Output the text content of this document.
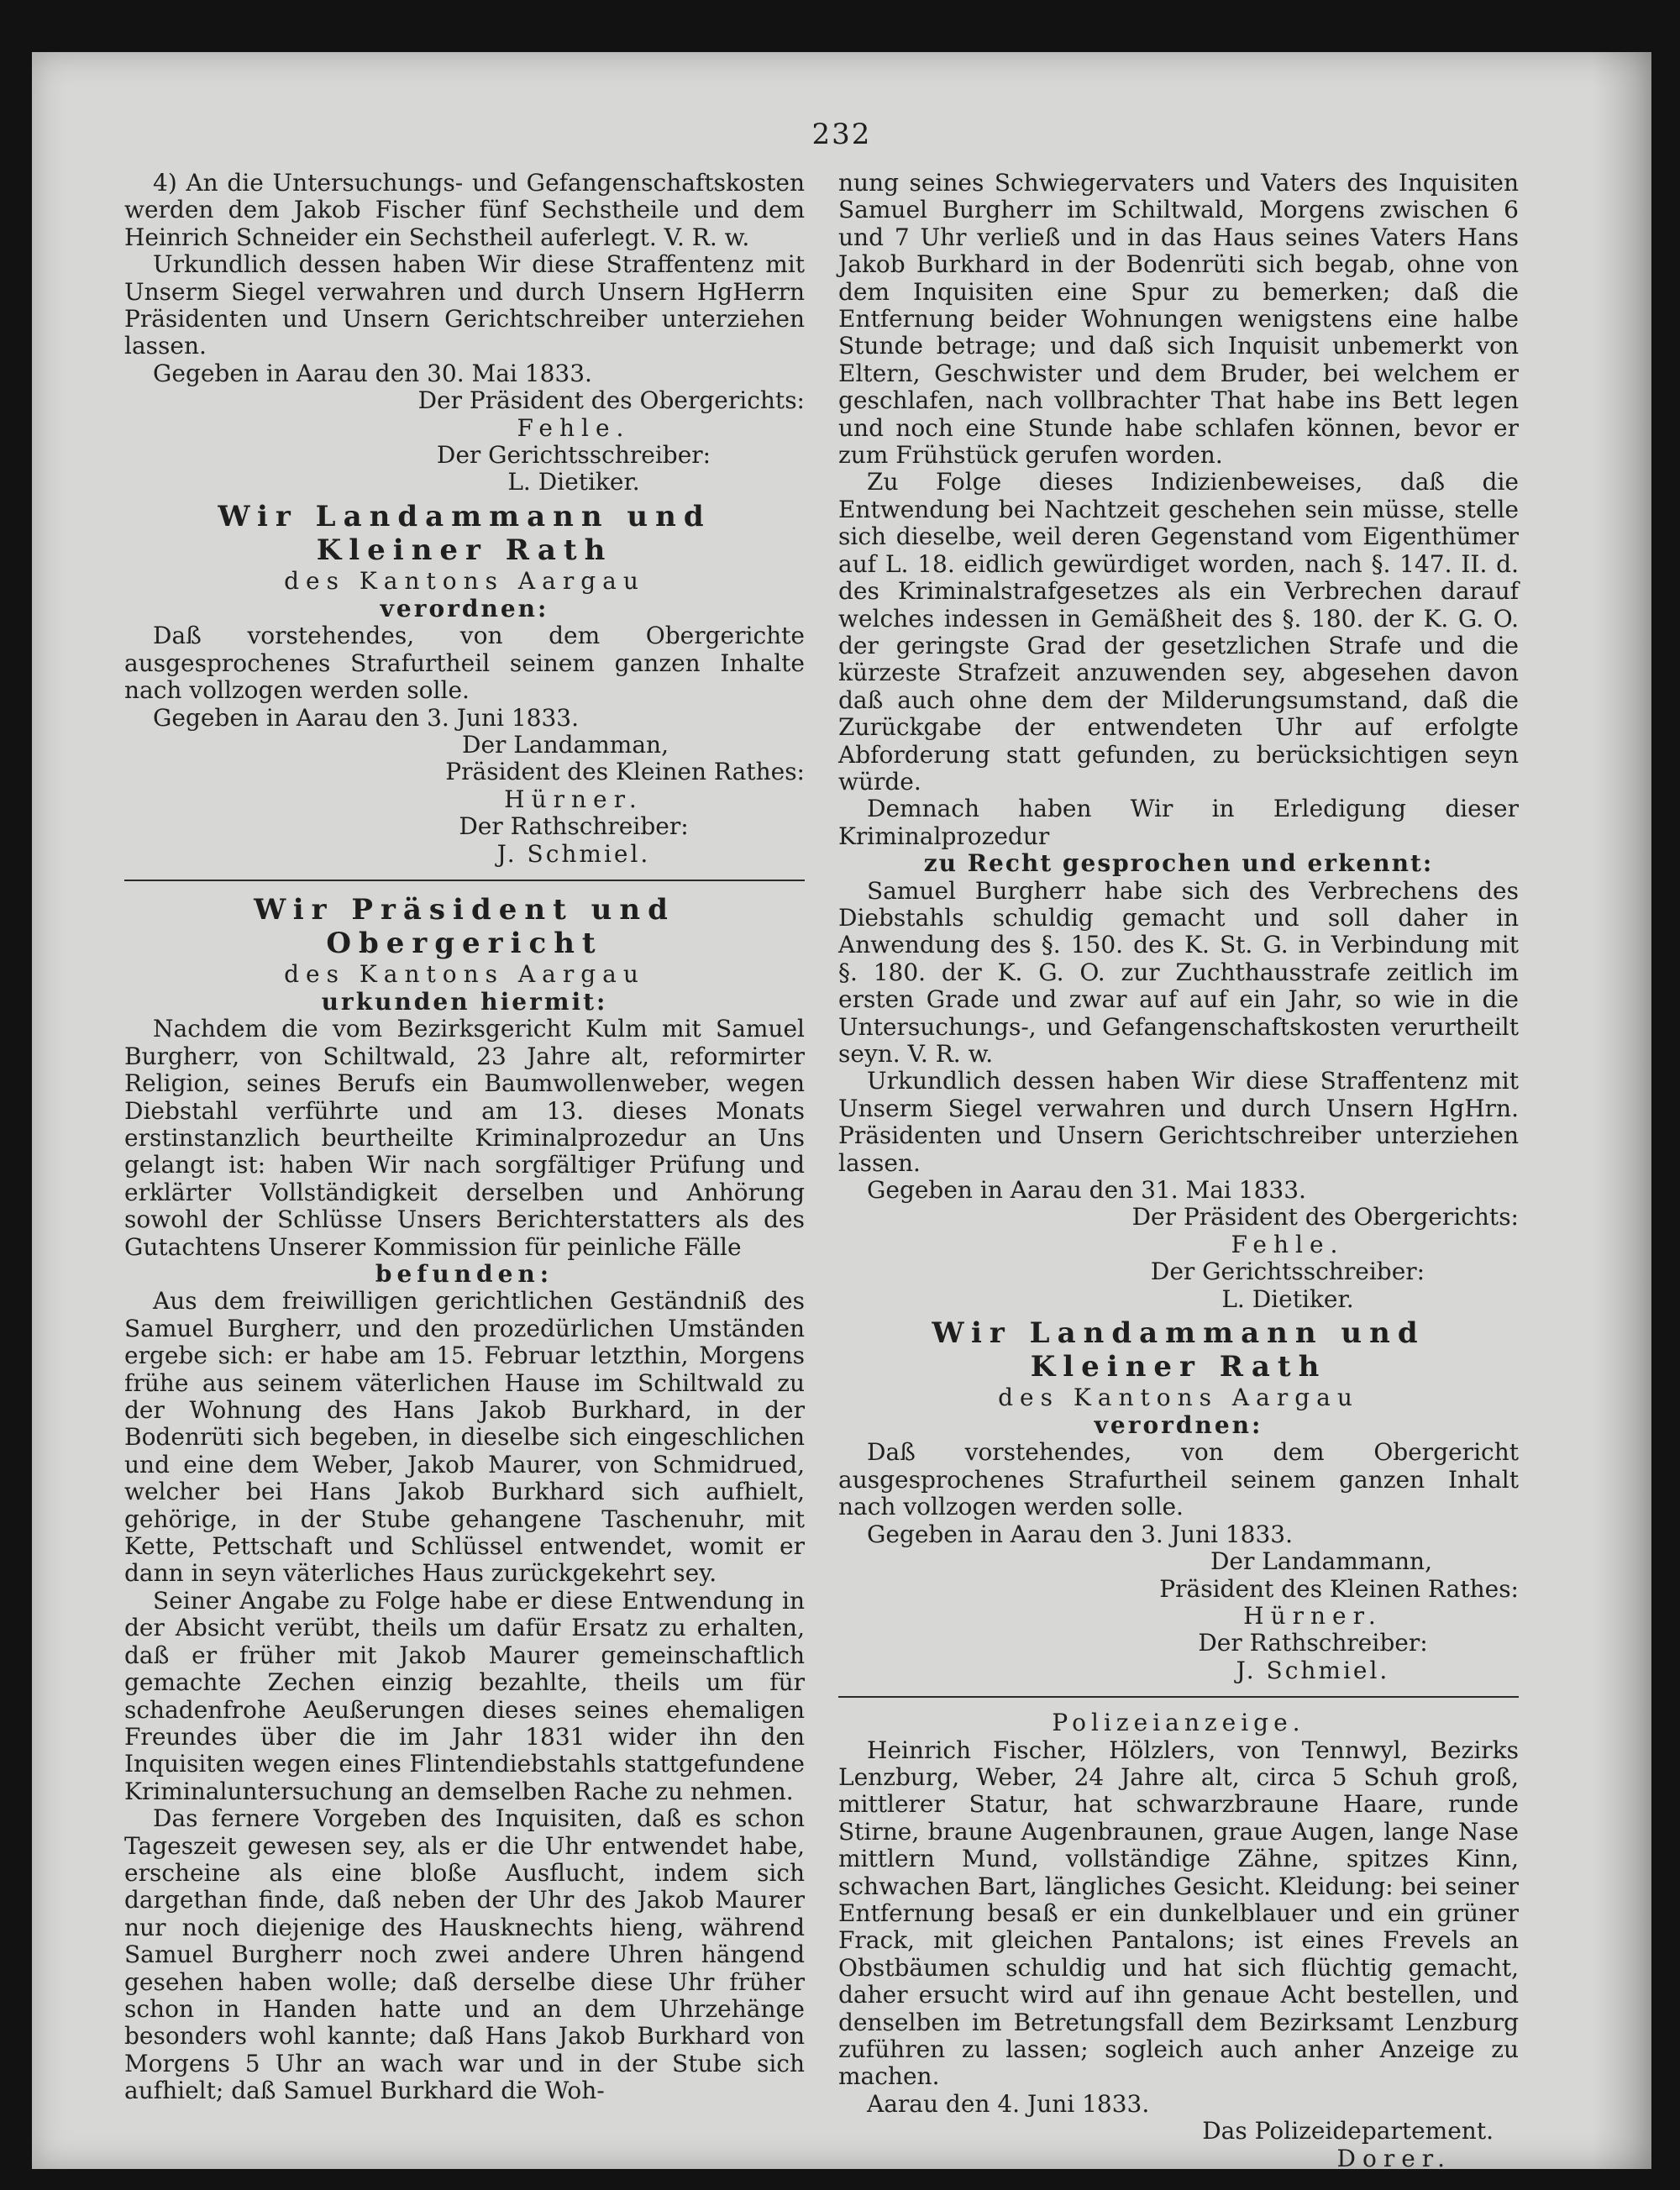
232

4) An die Untersuchungs- und Gefangenschaftskosten werden dem Jakob Fischer fünf Sechstheile und dem Heinrich Schneider ein Sechstheil auferlegt. V. R. w.

Urkundlich dessen haben Wir diese Straffentenz mit Unserm Siegel verwahren und durch Unsern HgHerrn Präsidenten und Unsern Gerichtschreiber unterziehen lassen.

Gegeben in Aarau den 30. Mai 1833.

Der Präsident des Obergerichts:

Fehle.

Der Gerichtsschreiber:

L. Dietiker.

Wir Landammann und Kleiner Rath

des Kantons Aargau

verordnen:

Daß vorstehendes, von dem Obergerichte ausgesprochenes Strafurtheil seinem ganzen Inhalte nach vollzogen werden solle.

Gegeben in Aarau den 3. Juni 1833.

Der Landamman,

Präsident des Kleinen Rathes:

Hürner.

Der Rathschreiber:

J. Schmiel.

Wir Präsident und Obergericht

des Kantons Aargau

urkunden hiermit:

Nachdem die vom Bezirksgericht Kulm mit Samuel Burgherr, von Schiltwald, 23 Jahre alt, reformirter Religion, seines Berufs ein Baumwollenweber, wegen Diebstahl verführte und am 13. dieses Monats erstinstanzlich beurtheilte Kriminalprozedur an Uns gelangt ist: haben Wir nach sorgfältiger Prüfung und erklärter Vollständigkeit derselben und Anhörung sowohl der Schlüsse Unsers Berichterstatters als des Gutachtens Unserer Kommission für peinliche Fälle

befunden:

Aus dem freiwilligen gerichtlichen Geständniß des Samuel Burgherr, und den prozedürlichen Umständen ergebe sich: er habe am 15. Februar letzthin, Morgens frühe aus seinem väterlichen Hause im Schiltwald zu der Wohnung des Hans Jakob Burkhard, in der Bodenrüti sich begeben, in dieselbe sich eingeschlichen und eine dem Weber, Jakob Maurer, von Schmidrued, welcher bei Hans Jakob Burkhard sich aufhielt, gehörige, in der Stube gehangene Taschenuhr, mit Kette, Pettschaft und Schlüssel entwendet, womit er dann in seyn väterliches Haus zurückgekehrt sey.

Seiner Angabe zu Folge habe er diese Entwendung in der Absicht verübt, theils um dafür Ersatz zu erhalten, daß er früher mit Jakob Maurer gemeinschaftlich gemachte Zechen einzig bezahlte, theils um für schadenfrohe Aeußerungen dieses seines ehemaligen Freundes über die im Jahr 1831 wider ihn den Inquisiten wegen eines Flintendiebstahls stattgefundene Kriminaluntersuchung an demselben Rache zu nehmen.

Das fernere Vorgeben des Inquisiten, daß es schon Tageszeit gewesen sey, als er die Uhr entwendet habe, erscheine als eine bloße Ausflucht, indem sich dargethan finde, daß neben der Uhr des Jakob Maurer nur noch diejenige des Hausknechts hieng, während Samuel Burgherr noch zwei andere Uhren hängend gesehen haben wolle; daß derselbe diese Uhr früher schon in Handen hatte und an dem Uhrzehänge besonders wohl kannte; daß Hans Jakob Burkhard von Morgens 5 Uhr an wach war und in der Stube sich aufhielt; daß Samuel Burkhard die Woh-

nung seines Schwiegervaters und Vaters des Inquisiten Samuel Burgherr im Schiltwald, Morgens zwischen 6 und 7 Uhr verließ und in das Haus seines Vaters Hans Jakob Burkhard in der Bodenrüti sich begab, ohne von dem Inquisiten eine Spur zu bemerken; daß die Entfernung beider Wohnungen wenigstens eine halbe Stunde betrage; und daß sich Inquisit unbemerkt von Eltern, Geschwister und dem Bruder, bei welchem er geschlafen, nach vollbrachter That habe ins Bett legen und noch eine Stunde habe schlafen können, bevor er zum Frühstück gerufen worden.

Zu Folge dieses Indizienbeweises, daß die Entwendung bei Nachtzeit geschehen sein müsse, stelle sich dieselbe, weil deren Gegenstand vom Eigenthümer auf L. 18. eidlich gewürdiget worden, nach §. 147. II. d. des Kriminalstrafgesetzes als ein Verbrechen darauf welches indessen in Gemäßheit des §. 180. der K. G. O. der geringste Grad der gesetzlichen Strafe und die kürzeste Strafzeit anzuwenden sey, abgesehen davon daß auch ohne dem der Milderungsumstand, daß die Zurückgabe der entwendeten Uhr auf erfolgte Abforderung statt gefunden, zu berücksichtigen seyn würde.

Demnach haben Wir in Erledigung dieser Kriminalprozedur

zu Recht gesprochen und erkennt:

Samuel Burgherr habe sich des Verbrechens des Diebstahls schuldig gemacht und soll daher in Anwendung des §. 150. des K. St. G. in Verbindung mit §. 180. der K. G. O. zur Zuchthausstrafe zeitlich im ersten Grade und zwar auf auf ein Jahr, so wie in die Untersuchungs-, und Gefangenschaftskosten verurtheilt seyn. V. R. w.

Urkundlich dessen haben Wir diese Straffentenz mit Unserm Siegel verwahren und durch Unsern HgHrn. Präsidenten und Unsern Gerichtschreiber unterziehen lassen.

Gegeben in Aarau den 31. Mai 1833.

Der Präsident des Obergerichts:

Fehle.

Der Gerichtsschreiber:

L. Dietiker.

Wir Landammann und Kleiner Rath

des Kantons Aargau

verordnen:

Daß vorstehendes, von dem Obergericht ausgesprochenes Strafurtheil seinem ganzen Inhalt nach vollzogen werden solle.

Gegeben in Aarau den 3. Juni 1833.

Der Landammann,

Präsident des Kleinen Rathes:

Hürner.

Der Rathschreiber:

J. Schmiel.

Polizeianzeige.

Heinrich Fischer, Hölzlers, von Tennwyl, Bezirks Lenzburg, Weber, 24 Jahre alt, circa 5 Schuh groß, mittlerer Statur, hat schwarzbraune Haare, runde Stirne, braune Augenbraunen, graue Augen, lange Nase mittlern Mund, vollständige Zähne, spitzes Kinn, schwachen Bart, längliches Gesicht. Kleidung: bei seiner Entfernung besaß er ein dunkelblauer und ein grüner Frack, mit gleichen Pantalons; ist eines Frevels an Obstbäumen schuldig und hat sich flüchtig gemacht, daher ersucht wird auf ihn genaue Acht bestellen, und denselben im Betretungsfall dem Bezirksamt Lenzburg zuführen zu lassen; sogleich auch anher Anzeige zu machen.

Aarau den 4. Juni 1833.

Das Polizeidepartement.

Dorer.
